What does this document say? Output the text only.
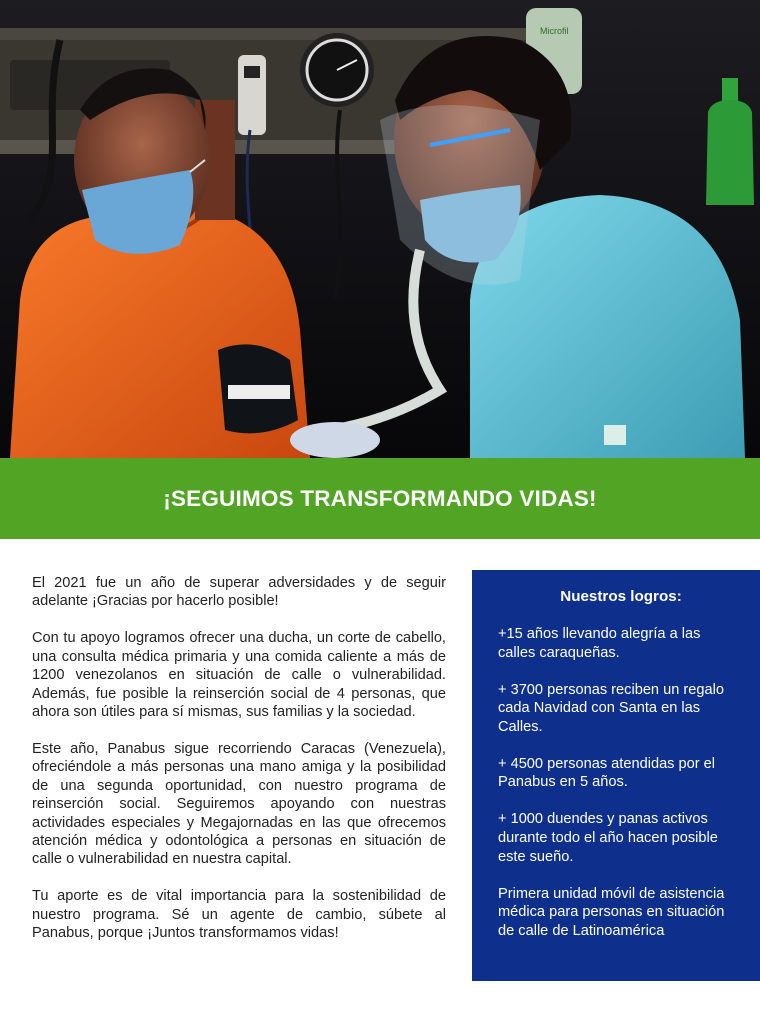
Microfil
¡SEGUIMOS TRANSFORMANDO VIDAS!

El 2021 fue un año de superar adversidades y de seguir adelante ¡Gracias por hacerlo posible!

Con tu apoyo logramos ofrecer una ducha, un corte de cabello, una consulta médica primaria y una comida caliente a más de 1200 venezolanos en situación de calle o vulnerabilidad. Además, fue posible la reinserción social de 4 personas, que ahora son útiles para sí mismas, sus familias y la sociedad.

Este año, Panabus sigue recorriendo Caracas (Venezuela), ofreciéndole a más personas una mano amiga y la posibilidad de una segunda oportunidad, con nuestro programa de reinserción social. Seguiremos apoyando con nuestras actividades especiales y Megajornadas en las que ofrecemos atención médica y odontológica a personas en situación de calle o vulnerabilidad en nuestra capital.

Tu aporte es de vital importancia para la sostenibilidad de nuestro programa. Sé un agente de cambio, súbete al Panabus, porque ¡Juntos transformamos vidas!

Nuestros logros:
+15 años llevando alegría a las calles caraqueñas.
+ 3700 personas reciben un regalo cada Navidad con Santa en las Calles.
+ 4500 personas atendidas por el Panabus en 5 años.
+ 1000 duendes y panas activos durante todo el año hacen posible este sueño.
Primera unidad móvil de asistencia médica para personas en situación de calle de Latinoamérica
